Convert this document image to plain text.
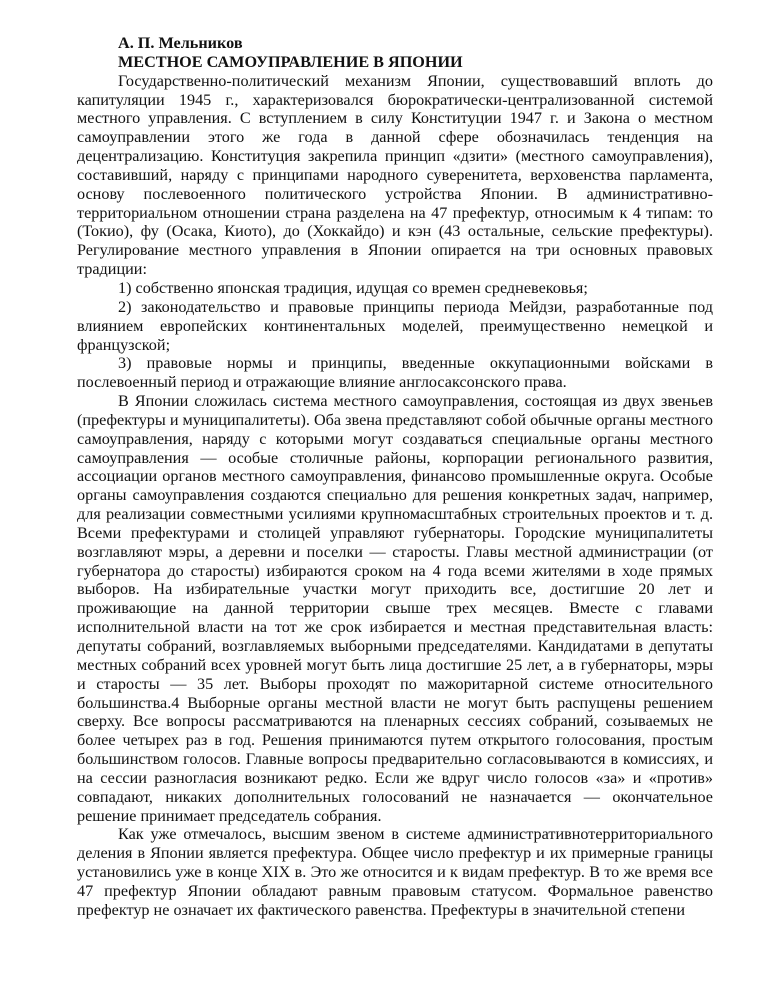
А. П. Мельников

МЕСТНОЕ САМОУПРАВЛЕНИЕ В ЯПОНИИ

Государственно-политический механизм Японии, существовавший вплоть до капитуляции 1945 г., характеризовался бюрократически-централизованной системой местного управления. С вступлением в силу Конституции 1947 г. и Закона о местном самоуправлении этого же года в данной сфере обозначилась тенденция на децентрализацию. Конституция закрепила принцип «дзити» (местного самоуправления), составивший, наряду с принципами народного суверенитета, верховенства парламента, основу послевоенного политического устройства Японии. В административно-территориальном отношении страна разделена на 47 префектур, относимым к 4 типам: то (Токио), фу (Осака, Киото), до (Хоккайдо) и кэн (43 остальные, сельские префектуры). Регулирование местного управления в Японии опирается на три основных правовых традиции:

1) собственно японская традиция, идущая со времен средневековья;

2) законодательство и правовые принципы периода Мейдзи, разработанные под влиянием европейских континентальных моделей, преимущественно немецкой и французской;

3) правовые нормы и принципы, введенные оккупационными войсками в послевоенный период и отражающие влияние англосаксонского права.

В Японии сложилась система местного самоуправления, состоящая из двух звеньев (префектуры и муниципалитеты). Оба звена представляют собой обычные органы местного самоуправления, наряду с которыми могут создаваться специальные органы местного самоуправления — особые столичные районы, корпорации регионального развития, ассоциации органов местного самоуправления, финансово промышленные округа. Особые органы самоуправления создаются специально для решения конкретных задач, например, для реализации совместными усилиями крупномасштабных строительных проектов и т. д. Всеми префектурами и столицей управляют губернаторы. Городские муниципалитеты возглавляют мэры, а деревни и поселки — старосты. Главы местной администрации (от губернатора до старосты) избираются сроком на 4 года всеми жителями в ходе прямых выборов. На избирательные участки могут приходить все, достигшие 20 лет и проживающие на данной территории свыше трех месяцев. Вместе с главами исполнительной власти на тот же срок избирается и местная представительная власть: депутаты собраний, возглавляемых выборными председателями. Кандидатами в депутаты местных собраний всех уровней могут быть лица достигшие 25 лет, а в губернаторы, мэры и старосты — 35 лет. Выборы проходят по мажоритарной системе относительного большинства.4 Выборные органы местной власти не могут быть распущены решением сверху. Все вопросы рассматриваются на пленарных сессиях собраний, созываемых не более четырех раз в год. Решения принимаются путем открытого голосования, простым большинством голосов. Главные вопросы предварительно согласовываются в комиссиях, и на сессии разногласия возникают редко. Если же вдруг число голосов «за» и «против» совпадают, никаких дополнительных голосований не назначается — окончательное решение принимает председатель собрания.

Как уже отмечалось, высшим звеном в системе административнотерриториального деления в Японии является префектура. Общее число префектур и их примерные границы установились уже в конце XIX в. Это же относится и к видам префектур. В то же время все 47 префектур Японии обладают равным правовым статусом. Формальное равенство префектур не означает их фактического равенства. Префектуры в значительной степени
